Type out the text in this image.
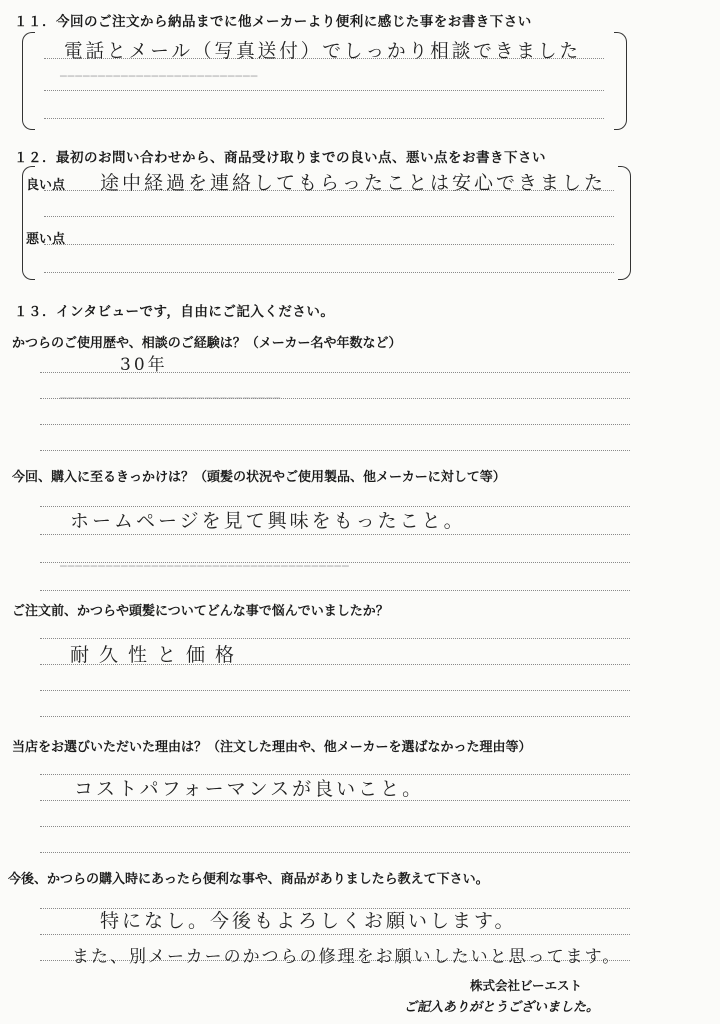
━━━━━━━━━━━━━━━━━━━━━━━━━━
━━━━━━━━━━━━━━━━━━━━━━━━━━━━━
━━━━━━━━━━━━━━━━━━━━━━━━━━━━━━━━━━━━━━
１１．今回のご注文から納品までに他メーカーより便利に感じた事をお書き下さい
電話とメール（写真送付）でしっかり相談できました
１２．最初のお問い合わせから、商品受け取りまでの良い点、悪い点をお書き下さい
良い点
悪い点
途中経過を連絡してもらったことは安心できました
１３．インタビューです，自由にご記入ください。
かつらのご使用歴や、相談のご経験は？（メーカー名や年数など）
30年
今回、購入に至るきっかけは？（頭髪の状況やご使用製品、他メーカーに対して等）
ホームページを見て興味をもったこと。
ご注文前、かつらや頭髪についてどんな事で悩んでいましたか？
耐久性と価格
当店をお選びいただいた理由は？（注文した理由や、他メーカーを選ばなかった理由等）
コストパフォーマンスが良いこと。
今後、かつらの購入時にあったら便利な事や、商品がありましたら教えて下さい。
特になし。今後もよろしくお願いします。
また、別メーカーのかつらの修理をお願いしたいと思ってます。
株式会社ビーエスト
ご記入ありがとうございました。
